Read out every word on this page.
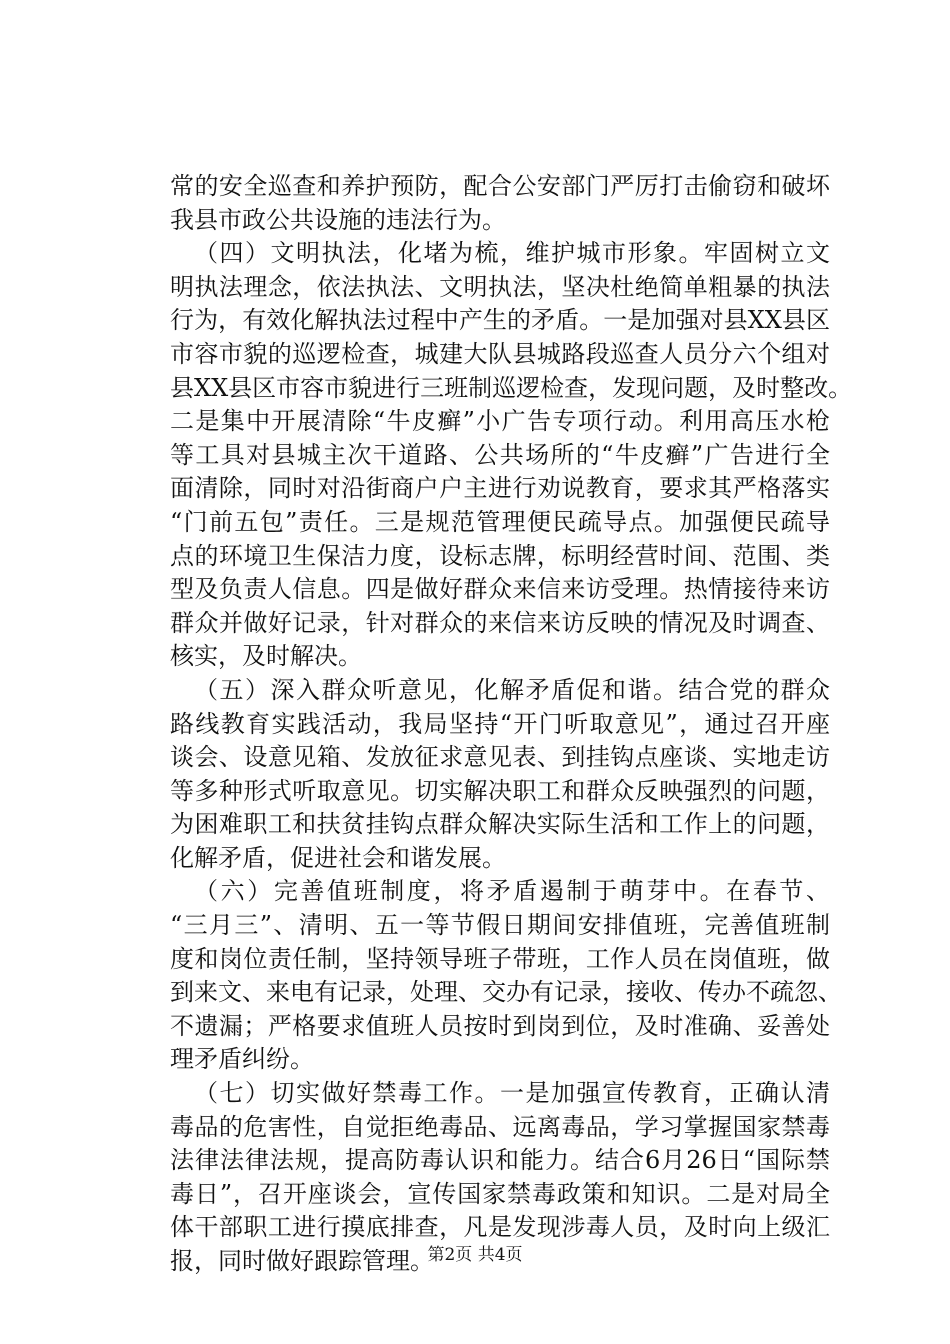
常的安全巡查和养护预防，配合公安部门严厉打击偷窃和破坏
我县市政公共设施的违法行为。
（四）文明执法，化堵为梳，维护城市形象。牢固树立文
明执法理念，依法执法、文明执法，坚决杜绝简单粗暴的执法
行为，有效化解执法过程中产生的矛盾。一是加强对县XX县区
市容市貌的巡逻检查，城建大队县城路段巡查人员分六个组对
县XX县区市容市貌进行三班制巡逻检查，发现问题，及时整改。
二是集中开展清除“牛皮癣”小广告专项行动。利用高压水枪
等工具对县城主次干道路、公共场所的“牛皮癣”广告进行全
面清除，同时对沿街商户户主进行劝说教育，要求其严格落实
“门前五包”责任。三是规范管理便民疏导点。加强便民疏导
点的环境卫生保洁力度，设标志牌，标明经营时间、范围、类
型及负责人信息。四是做好群众来信来访受理。热情接待来访
群众并做好记录，针对群众的来信来访反映的情况及时调查、
核实，及时解决。
（五）深入群众听意见，化解矛盾促和谐。结合党的群众
路线教育实践活动，我局坚持“开门听取意见”，通过召开座
谈会、设意见箱、发放征求意见表、到挂钩点座谈、实地走访
等多种形式听取意见。切实解决职工和群众反映强烈的问题，
为困难职工和扶贫挂钩点群众解决实际生活和工作上的问题，
化解矛盾，促进社会和谐发展。
（六）完善值班制度，将矛盾遏制于萌芽中。在春节、
“三月三”、清明、五一等节假日期间安排值班，完善值班制
度和岗位责任制，坚持领导班子带班，工作人员在岗值班，做
到来文、来电有记录，处理、交办有记录，接收、传办不疏忽、
不遗漏；严格要求值班人员按时到岗到位，及时准确、妥善处
理矛盾纠纷。
（七）切实做好禁毒工作。一是加强宣传教育，正确认清
毒品的危害性，自觉拒绝毒品、远离毒品，学习掌握国家禁毒
法律法律法规，提高防毒认识和能力。结合6月26日“国际禁
毒日”，召开座谈会，宣传国家禁毒政策和知识。二是对局全
体干部职工进行摸底排查，凡是发现涉毒人员，及时向上级汇
报，同时做好跟踪管理。
第2页 共4页
